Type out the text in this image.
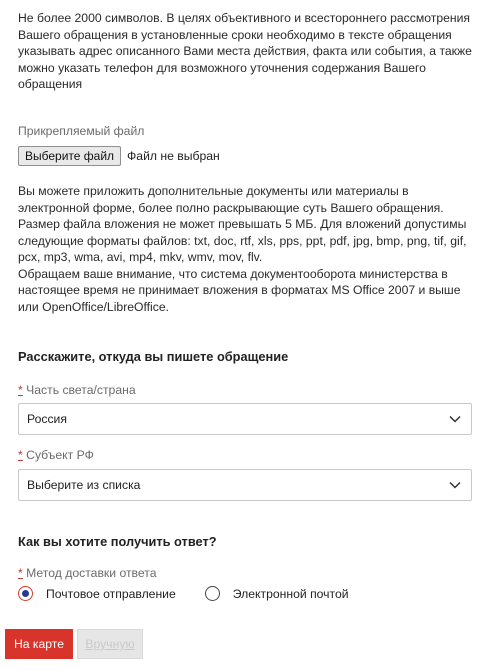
Не более 2000 символов. В целях объективного и всестороннего рассмотрения Вашего обращения в установленные сроки необходимо в тексте обращения указывать адрес описанного Вами места действия, факта или события, а также можно указать телефон для возможного уточнения содержания Вашего обращения
Прикрепляемый файл
Выберите файл	Файл не выбран

Вы можете приложить дополнительные документы или материалы в электронной форме, более полно раскрывающие суть Вашего обращения. Размер файла вложения не может превышать 5 МБ. Для вложений допустимы следующие форматы файлов: txt, doc, rtf, xls, pps, ppt, pdf, jpg, bmp, png, tif, gif, pcx, mp3, wma, avi, mp4, mkv, wmv, mov, flv.

Обращаем ваше внимание, что система документооборота министерства в настоящее время не принимает вложения в форматах MS Office 2007 и выше или OpenOffice/LibreOffice.

Расскажите, откуда вы пишете обращение
* Часть света/страна
Россия
* Субъект РФ
Выберите из списка
Как вы хотите получить ответ?
* Метод доставки ответа
Почтовое отправление	Электронной почтой
На карте	Вручную
